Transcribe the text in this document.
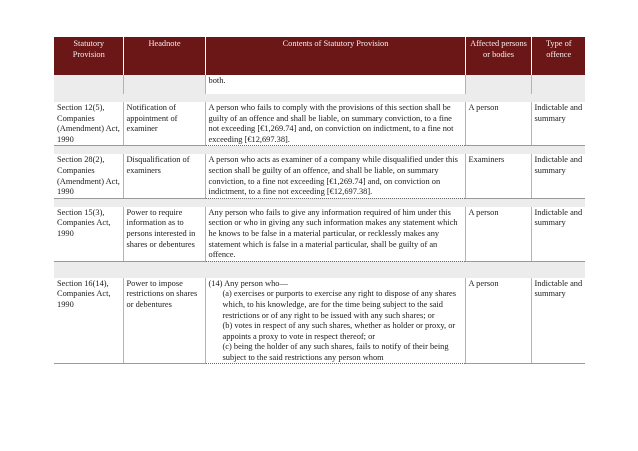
Statutory Provision	Headnote	Contents of Statutory Provision	Affected persons or bodies	Type of offence
		both.		

Section 12(5), Companies (Amendment) Act, 1990	Notification of appointment of examiner	A person who fails to comply with the provisions of this section shall be guilty of an offence and shall be liable, on summary conviction, to a fine not exceeding [€1,269.74] and, on conviction on indictment, to a fine not exceeding [€12,697.38].	A person	Indictable and summary

Section 28(2), Companies (Amendment) Act, 1990	Disqualification of examiners	A person who acts as examiner of a company while disqualified under this section shall be guilty of an offence, and shall be liable, on summary conviction, to a fine not exceeding [€1,269.74] and, on conviction on indictment, to a fine not exceeding [€12,697.38].	Examiners	Indictable and summary

Section 15(3), Companies Act, 1990	Power to require information as to persons interested in shares or debentures	Any person who fails to give any information required of him under this section or who in giving any such information makes any statement which he knows to be false in a material particular, or recklessly makes any statement which is false in a material particular, shall be guilty of an offence.	A person	Indictable and summary

Section 16(14), Companies Act, 1990	Power to impose restrictions on shares or debentures	(14) Any person who—
(a) exercises or purports to exercise any right to dispose of any shares which, to his knowledge, are for the time being subject to the said restrictions or of any right to be issued with any such shares; or
(b) votes in respect of any such shares, whether as holder or proxy, or appoints a proxy to vote in respect thereof; or
(c) being the holder of any such shares, fails to notify of their being subject to the said restrictions any person whom	A person	Indictable and summary
